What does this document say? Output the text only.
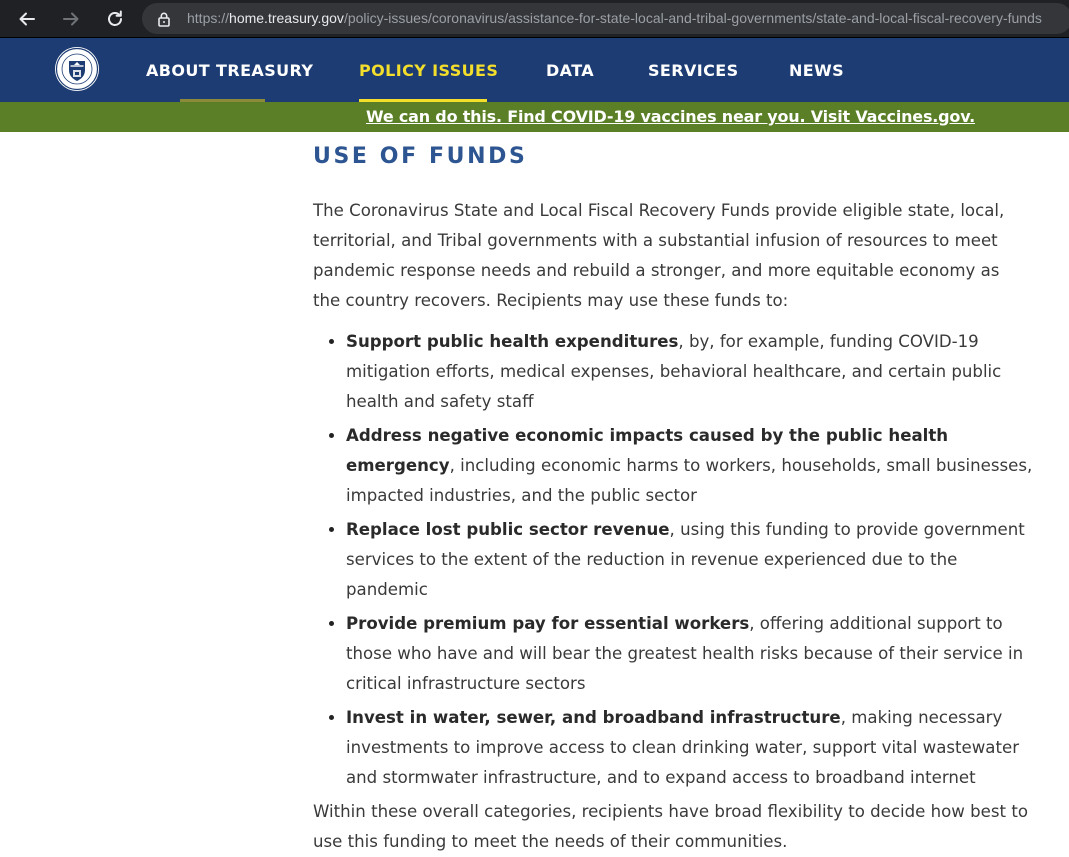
https://home.treasury.gov/policy-issues/coronavirus/assistance-for-state-local-and-tribal-governments/state-and-local-fiscal-recovery-funds
ABOUT TREASURY	POLICY ISSUES	DATA	SERVICES	NEWS
We can do this. Find COVID-19 vaccines near you. Visit Vaccines.gov.
USE OF FUNDS

The Coronavirus State and Local Fiscal Recovery Funds provide eligible state, local, territorial, and Tribal governments with a substantial infusion of resources to meet pandemic response needs and rebuild a stronger, and more equitable economy as the country recovers. Recipients may use these funds to:

• Support public health expenditures, by, for example, funding COVID-19 mitigation efforts, medical expenses, behavioral healthcare, and certain public health and safety staff
• Address negative economic impacts caused by the public health emergency, including economic harms to workers, households, small businesses, impacted industries, and the public sector
• Replace lost public sector revenue, using this funding to provide government services to the extent of the reduction in revenue experienced due to the pandemic
• Provide premium pay for essential workers, offering additional support to those who have and will bear the greatest health risks because of their service in critical infrastructure sectors
• Invest in water, sewer, and broadband infrastructure, making necessary investments to improve access to clean drinking water, support vital wastewater and stormwater infrastructure, and to expand access to broadband internet

Within these overall categories, recipients have broad flexibility to decide how best to use this funding to meet the needs of their communities.
